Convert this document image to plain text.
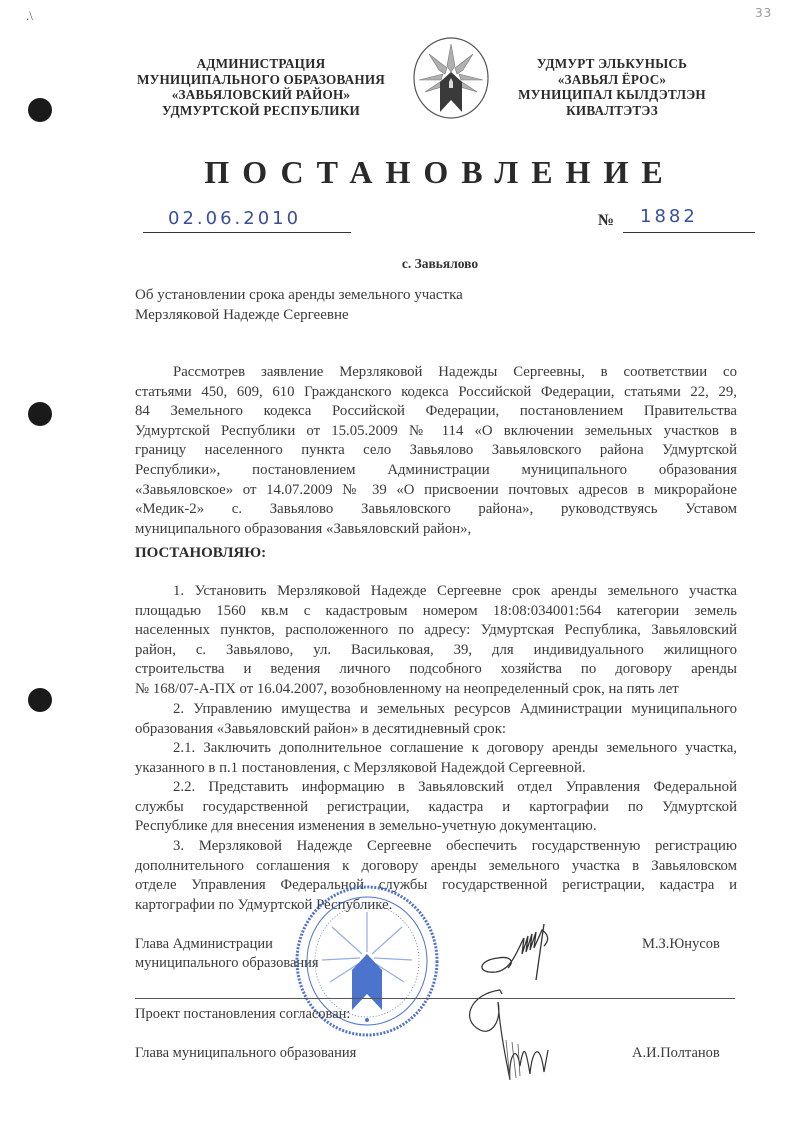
.\	33
АДМИНИСТРАЦИЯ
МУНИЦИПАЛЬНОГО ОБРАЗОВАНИЯ
«ЗАВЬЯЛОВСКИЙ РАЙОН»
УДМУРТСКОЙ РЕСПУБЛИКИ
УДМУРТ ЭЛЬКУНЫСЬ
«ЗАВЬЯЛ ЁРОС»
МУНИЦИПАЛ КЫЛДЭТЛЭН
КИВАЛТЭТЭЗ
ПОСТАНОВЛЕНИЕ
02.06.2010	№ 1882
с. Завьялово
Об установлении срока аренды земельного участка
Мерзляковой Надежде Сергеевне
Рассмотрев заявление Мерзляковой Надежды Сергеевны, в соответствии со
статьями 450, 609, 610 Гражданского кодекса Российской Федерации, статьями 22, 29,
84 Земельного кодекса Российской Федерации, постановлением Правительства
Удмуртской Республики от 15.05.2009 № 114 «О включении земельных участков в
границу населенного пункта село Завьялово Завьяловского района Удмуртской
Республики», постановлением Администрации муниципального образования
«Завьяловское» от 14.07.2009 № 39 «О присвоении почтовых адресов в микрорайоне
«Медик-2» с. Завьялово Завьяловского района», руководствуясь Уставом
муниципального образования «Завьяловский район»,
ПОСТАНОВЛЯЮ:
1. Установить Мерзляковой Надежде Сергеевне срок аренды земельного участка
площадью 1560 кв.м с кадастровым номером 18:08:034001:564 категории земель
населенных пунктов, расположенного по адресу: Удмуртская Республика, Завьяловский
район, с. Завьялово, ул. Васильковая, 39, для индивидуального жилищного
строительства и ведения личного подсобного хозяйства по договору аренды
№ 168/07-А-ПХ от 16.04.2007, возобновленному на неопределенный срок, на пять лет
2. Управлению имущества и земельных ресурсов Администрации муниципального
образования «Завьяловский район» в десятидневный срок:
2.1. Заключить дополнительное соглашение к договору аренды земельного участка,
указанного в п.1 постановления, с Мерзляковой Надеждой Сергеевной.
2.2. Представить информацию в Завьяловский отдел Управления Федеральной
службы государственной регистрации, кадастра и картографии по Удмуртской
Республике для внесения изменения в земельно-учетную документацию.
3. Мерзляковой Надежде Сергеевне обеспечить государственную регистрацию
дополнительного соглашения к договору аренды земельного участка в Завьяловском
отделе Управления Федеральной службы государственной регистрации, кадастра и
картографии по Удмуртской Республике.
Глава Администрации
муниципального образования
М.З.Юнусов
Проект постановления согласован:
Глава муниципального образования	А.И.Полтанов
